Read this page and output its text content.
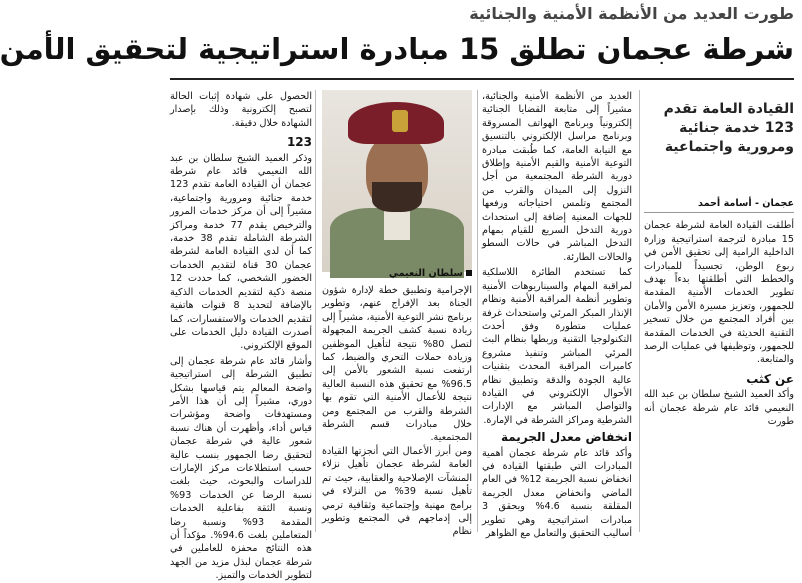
طورت العديد من الأنظمة الأمنية والجنائية
شرطة عجمان تطلق 15 مبادرة استراتيجية لتحقيق الأمن
القيادة العامة تقدم 123 خدمة جنائية ومرورية واجتماعية
عجمان - أسامة أحمد

أطلقت القيادة العامة لشرطة عجمان 15 مبادرة لترجمة استراتيجية وزارة الداخلية الرامية إلى تحقيق الأمن في ربوع الوطن، تجسيداً للمبادرات والخطط التي أطلقتها بدءاً بهدف تطوير الخدمات الأمنية المقدمة للجمهور، وتعزيز مسيرة الأمن والأمان بين أفراد المجتمع من خلال تسخير التقنية الحديثة في الخدمات المقدمة للجمهور، وتوظيفها في عمليات الرصد والمتابعة.

عن كثب

وأكد العميد الشيخ سلطان بن عبد الله النعيمي قائد عام شرطة عجمان أنه طورت

العديد من الأنظمة الأمنية والجنائية، مشيراً إلى متابعة القضايا الجنائية إلكترونياً وبرنامج الهواتف المسروقة وبرنامج مراسل الإلكتروني بالتنسيق مع النيابة العامة، كما طُبقت مبادرة التوعية الأمنية والقيم الأمنية وإطلاق دورية الشرطة المجتمعية من أجل النزول إلى الميدان والقرب من المجتمع وتلمس احتياجاته ورفعها للجهات المعنية إضافة إلى استحداث دورية التدخل السريع للقيام بمهام التدخل المباشر في حالات السطو والحالات الطارئة.

كما تستخدم الطائرة اللاسلكية لمراقبة المهام والسيناريوهات الأمنية وتطوير أنظمة المراقبة الأمنية ونظام الإنذار المبكر المرئي واستحداث غرفة عمليات متطورة وفق أحدث التكنولوجيا التقنية وربطها بنظام البث المرئي المباشر وتنفيذ مشروع كاميرات المراقبة المحدث بتقنيات عالية الجودة والدقة وتطبيق نظام الأحوال الإلكتروني في القيادة والتواصل المباشر مع الإدارات الشرطية ومراكز الشرطة في الإمارة.

انخفاض معدل الجريمة

وأكد قائد عام شرطة عجمان أهمية المبادرات التي طبقتها القيادة في انخفاض نسبة الجريمة 12% في العام الماضي وانخفاض معدل الجريمة المقلقة بنسبة 4.6% ويحقق 3 مبادرات استراتيجية وهي تطوير أساليب التحقيق والتعامل مع الظواهر

سلطان النعيمي

الإجرامية وتطبيق خطة لإدارة شؤون الجناة بعد الإفراج عنهم، وتطوير برنامج نشر التوعية الأمنية، مشيراً إلى زيادة نسبة كشف الجريمة المجهولة لتصل 80% نتيجة لتأهيل الموظفين وزيادة حملات التحري والضبط، كما ارتفعت نسبة الشعور بالأمن إلى 96.5% مع تحقيق هذه النسبة العالية نتيجة للأعمال الأمنية التي تقوم بها الشرطة والقرب من المجتمع ومن خلال مبادرات قسم الشرطة المجتمعية.

ومن أبرز الأعمال التي أنجزتها القيادة العامة لشرطة عجمان تأهيل نزلاء المنشآت الإصلاحية والعقابية، حيث تم تأهيل نسبة 39% من النزلاء في برامج مهنية وإجتماعية وثقافية ترمي إلى إدماجهم في المجتمع وتطوير نظام

الحصول على شهادة إثبات الحالة لتصبح إلكترونية وذلك بإصدار الشهادة خلال دقيقة.

123

وذكر العميد الشيخ سلطان بن عبد الله النعيمي قائد عام شرطة عجمان أن القيادة العامة تقدم 123 خدمة جنائية ومرورية واجتماعية، مشيراً إلى أن مركز خدمات المرور والترخيص يقدم 77 خدمة ومراكز الشرطة الشاملة تقدم 38 خدمة، كما أن لدى القيادة العامة لشرطة عجمان 30 قناة لتقديم الخدمات الحضور الشخصي، كما حددت 12 منصة ذكية لتقديم الخدمات الذكية بالإضافة لتحديد 8 قنوات هاتفية لتقديم الخدمات والاستفسارات، كما أصدرت القيادة دليل الخدمات على الموقع الإلكتروني.

وأشار قائد عام شرطة عجمان إلى تطبيق الشرطة إلى استراتيجية واضحة المعالم يتم قياسها بشكل دوري، مشيراً إلى أن هذا الأمر ومستهدفات واضحة ومؤشرات قياس أداء، وأظهرت أن هناك نسبة شعور عالية في شرطة عجمان لتحقيق رضا الجمهور بنسب عالية حسب استطلاعات مركز الإمارات للدراسات والبحوث، حيث بلغت نسبة الرضا عن الخدمات 93% ونسبة الثقة بفاعلية الخدمات المقدمة 93% ونسبة رضا المتعاملين بلغت 94.6%. مؤكداً أن هذه النتائج محفزة للعاملين في شرطة عجمان لبذل مزيد من الجهد لتطوير الخدمات والتميز.
